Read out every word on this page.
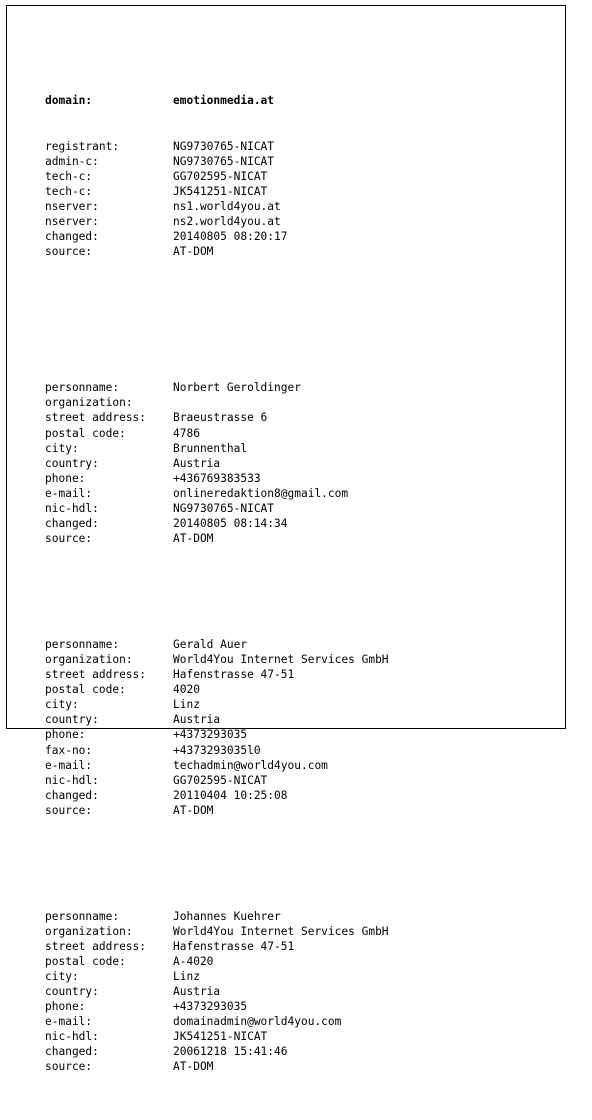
domain:	emotionmedia.at

registrant:	NG9730765-NICAT
admin-c:	NG9730765-NICAT
tech-c:	GG702595-NICAT
tech-c:	JK541251-NICAT
nserver:	ns1.world4you.at
nserver:	ns2.world4you.at
changed:	20140805 08:20:17
source:	AT-DOM

personname:	Norbert Geroldinger
organization:
street address:	Braeustrasse 6
postal code:	4786
city:	Brunnenthal
country:	Austria
phone:	+436769383533
e-mail:	onlineredaktion8@gmail.com
nic-hdl:	NG9730765-NICAT
changed:	20140805 08:14:34
source:	AT-DOM

personname:	Gerald Auer
organization:	World4You Internet Services GmbH
street address:	Hafenstrasse 47-51
postal code:	4020
city:	Linz
country:	Austria
phone:	+4373293035
fax-no:	+4373293035l0
e-mail:	techadmin@world4you.com
nic-hdl:	GG702595-NICAT
changed:	20110404 10:25:08
source:	AT-DOM

personname:	Johannes Kuehrer
organization:	World4You Internet Services GmbH
street address:	Hafenstrasse 47-51
postal code:	A-4020
city:	Linz
country:	Austria
phone:	+4373293035
e-mail:	domainadmin@world4you.com
nic-hdl:	JK541251-NICAT
changed:	20061218 15:41:46
source:	AT-DOM
